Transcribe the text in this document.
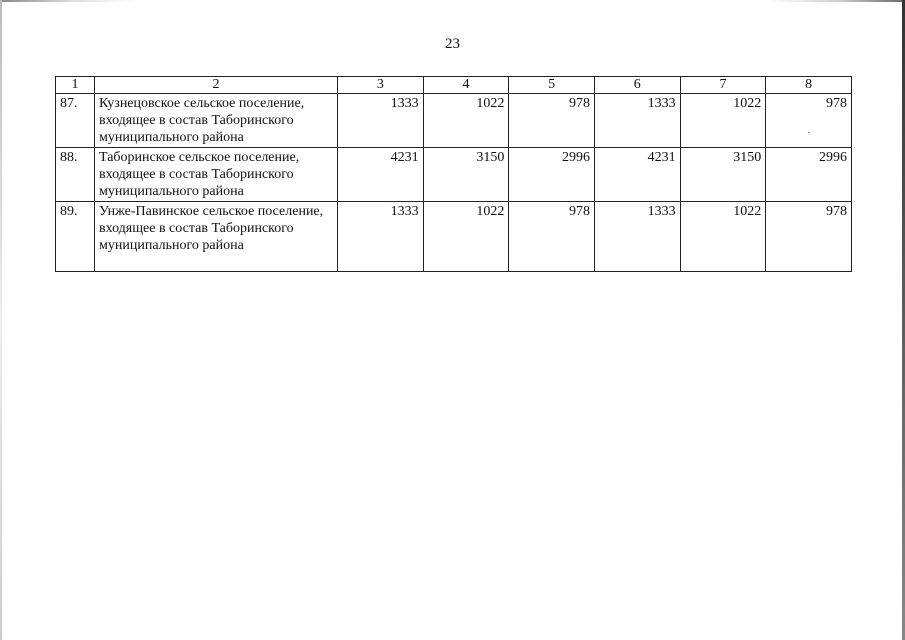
23
1	2	3	4	5	6	7	8
87.	Кузнецовское сельское поселение, входящее в состав Таборинского муниципального района	1333	1022	978	1333	1022	978
88.	Таборинское сельское поселение, входящее в состав Таборинского муниципального района	4231	3150	2996	4231	3150	2996
89.	Унже-Павинское сельское поселение, входящее в состав Таборинского муниципального района	1333	1022	978	1333	1022	978
